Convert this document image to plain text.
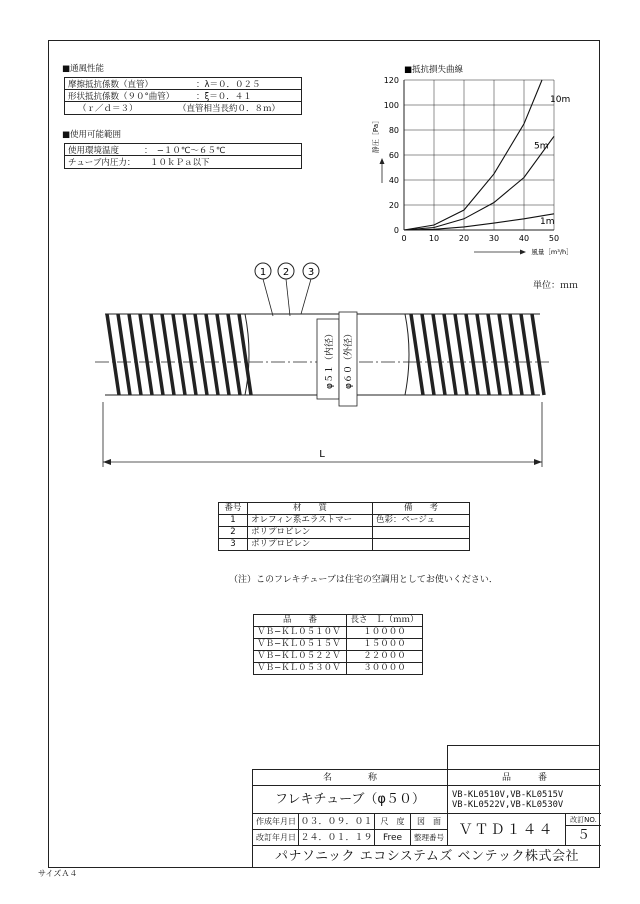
■通風性能
摩擦抵抗係数（直管）	：λ＝０．０２５
形状抵抗係数（９０°曲管）	：ξ＝０．４１
（ｒ／ｄ＝３）	（直管相当長約０．８ｍ）
■使用可能範囲
使用環境温度	：　−１０℃〜６５℃
チューブ内圧力：	１０ｋＰａ以下
■抵抗損失曲線
0
20
40
60
80
100
120
0	10 20 30 40 50
静圧［Pa］
風量［m³/h］
10m
5m
1m
単位：ｍｍ
1 2 3
φ５１（内径） φ６０（外径）
L
番号	材　　質	備　　考
1	オレフィン系エラストマー	色彩：ベージュ
2	ポリプロピレン	
3	ポリプロピレン	
（注）このフレキチューブは住宅の空調用としてお使いください．
品　　番	長さ　Ｌ（ｍｍ）
ＶＢ−ＫＬ０５１０Ｖ	１００００
ＶＢ−ＫＬ０５１５Ｖ	１５０００
ＶＢ−ＫＬ０５２２Ｖ	２２０００
ＶＢ−ＫＬ０５３０Ｖ	３００００
名　　　　称	品　　　番
フレキチューブ（φ５０）	VB-KL0510V,VB-KL0515V
VB-KL0522V,VB-KL0530V
作成年月日 ０３．０９．０１
改訂年月日 ２４．０１．１９
尺　度
Free
図　面
整理番号	ＶＴＤ１４４
改訂NO.
５
パナソニック エコシステムズ ベンテック株式会社
サイズＡ４
